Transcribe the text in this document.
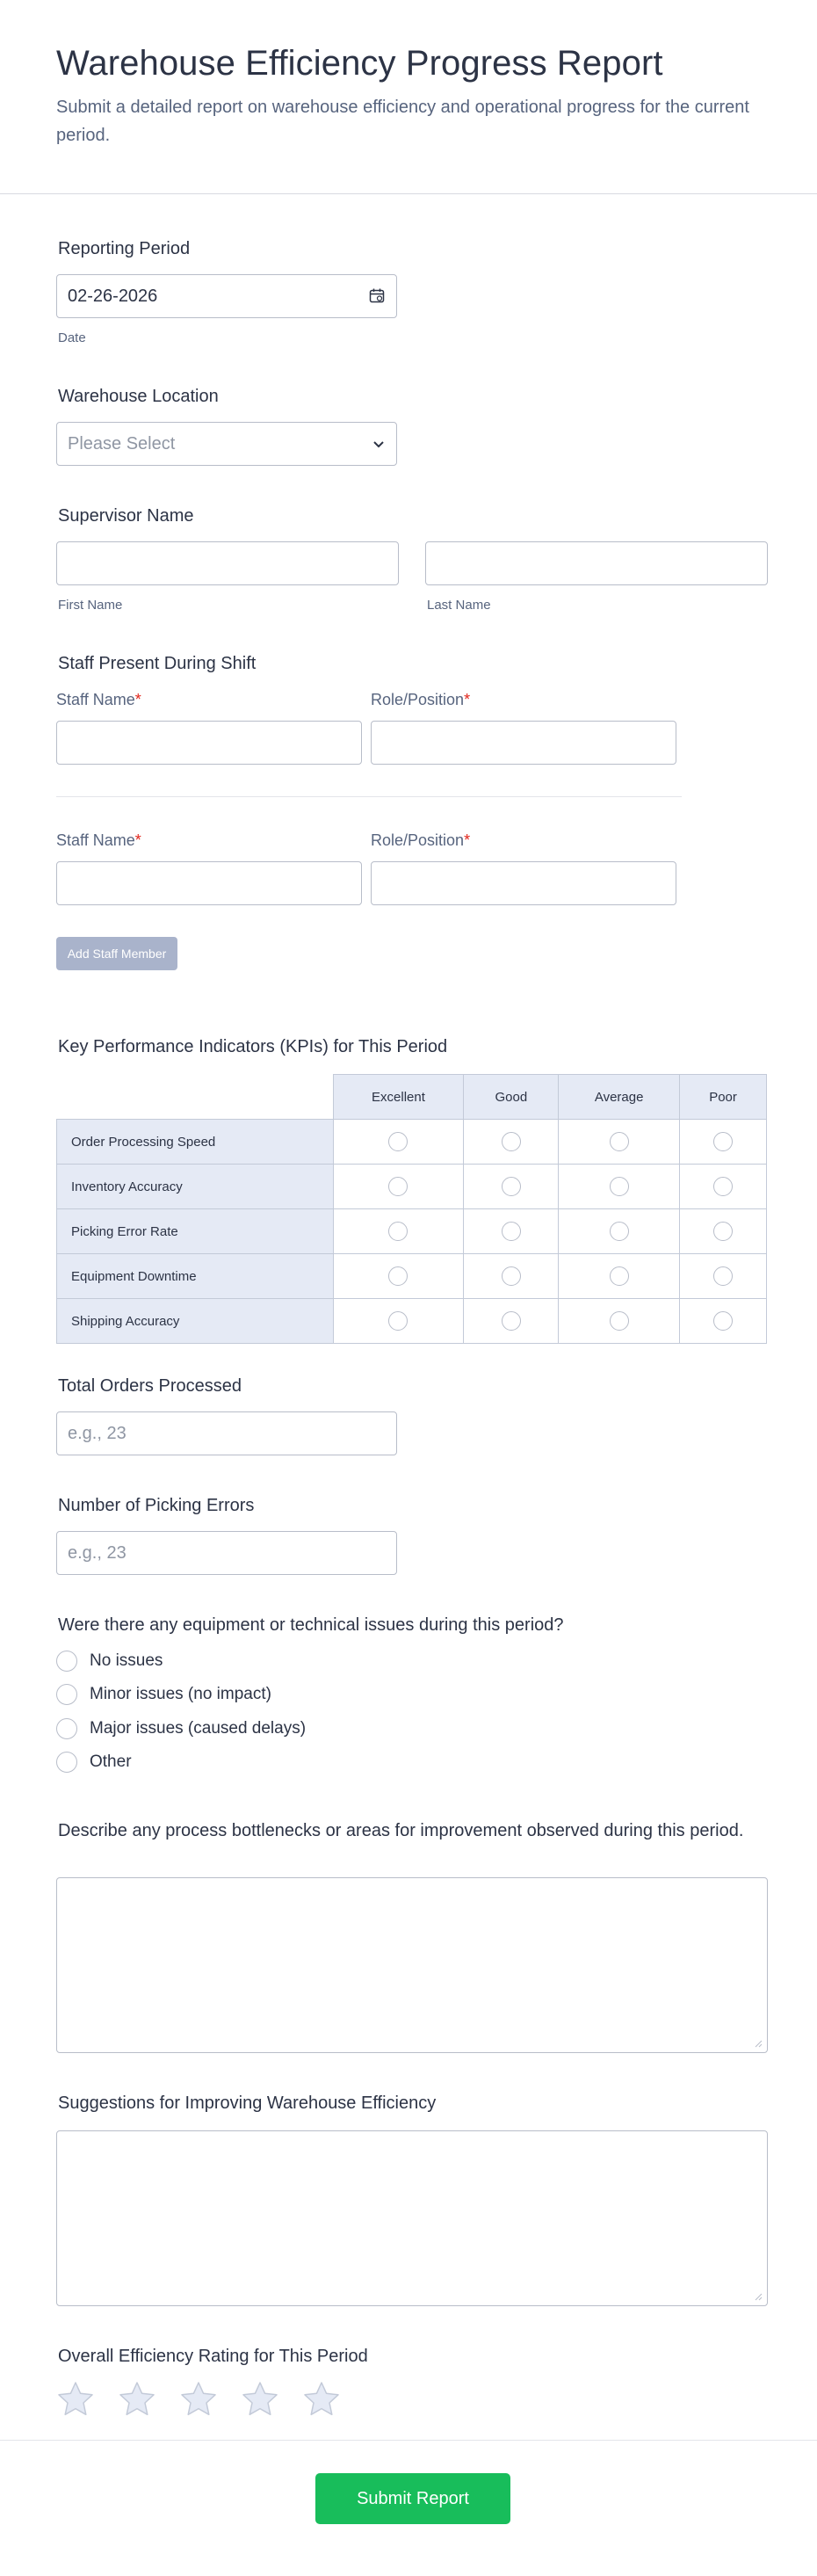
Warehouse Efficiency Progress Report
Submit a detailed report on warehouse efficiency and operational progress for the current period.
Reporting Period
02-26-2026
Date
Warehouse Location
Please Select
Supervisor Name
First Name	Last Name
Staff Present During Shift
Staff Name*	Role/Position*
Staff Name*	Role/Position*
Add Staff Member
Key Performance Indicators (KPIs) for This Period
	Excellent	Good	Average	Poor
Order Processing Speed				
Inventory Accuracy				
Picking Error Rate				
Equipment Downtime				
Shipping Accuracy				
Total Orders Processed
e.g., 23
Number of Picking Errors
e.g., 23
Were there any equipment or technical issues during this period?
No issues
Minor issues (no impact)
Major issues (caused delays)
Other
Describe any process bottlenecks or areas for improvement observed during this period.
Suggestions for Improving Warehouse Efficiency
Overall Efficiency Rating for This Period
Submit Report
